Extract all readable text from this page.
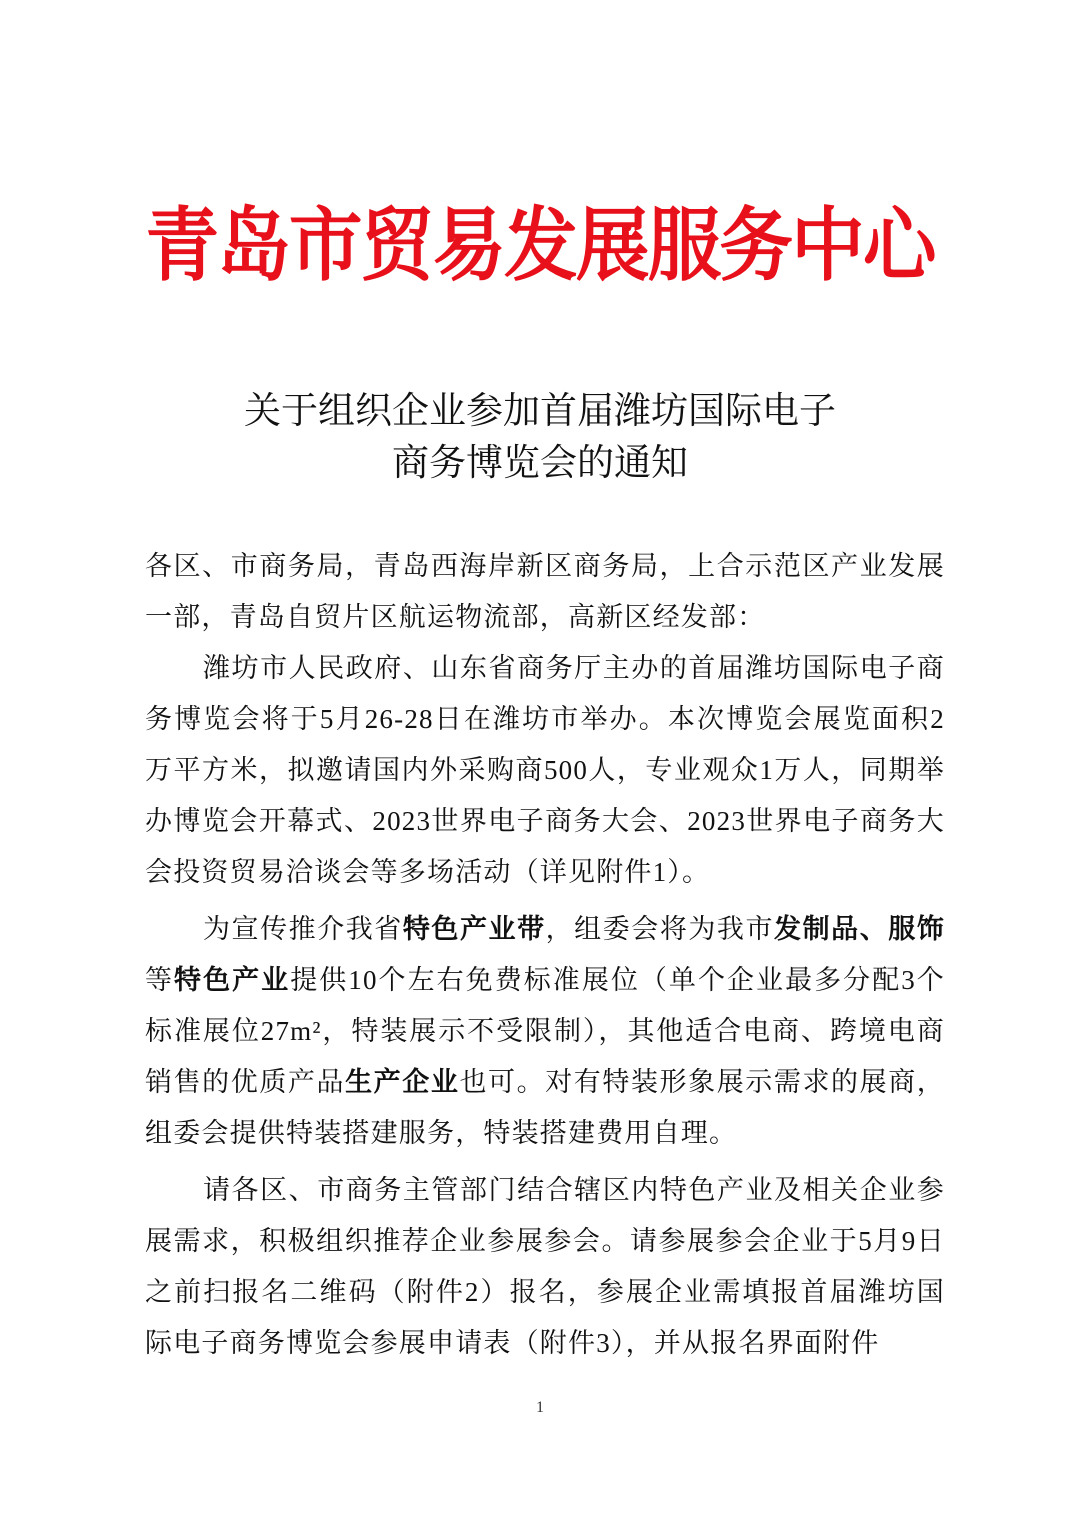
青岛市贸易发展服务中心
关于组织企业参加首届潍坊国际电子
商务博览会的通知

各区、市商务局，青岛西海岸新区商务局，上合示范区产业发展一部，青岛自贸片区航运物流部，高新区经发部：

潍坊市人民政府、山东省商务厅主办的首届潍坊国际电子商务博览会将于5月26-28日在潍坊市举办。本次博览会展览面积2万平方米，拟邀请国内外采购商500人，专业观众1万人，同期举办博览会开幕式、2023世界电子商务大会、2023世界电子商务大会投资贸易洽谈会等多场活动（详见附件1）。

为宣传推介我省特色产业带，组委会将为我市发制品、服饰等特色产业提供10个左右免费标准展位（单个企业最多分配3个标准展位27m²，特装展示不受限制），其他适合电商、跨境电商销售的优质产品生产企业也可。对有特装形象展示需求的展商，组委会提供特装搭建服务，特装搭建费用自理。

请各区、市商务主管部门结合辖区内特色产业及相关企业参展需求，积极组织推荐企业参展参会。请参展参会企业于5月9日之前扫报名二维码（附件2）报名，参展企业需填报首届潍坊国际电子商务博览会参展申请表（附件3），并从报名界面附件

1
